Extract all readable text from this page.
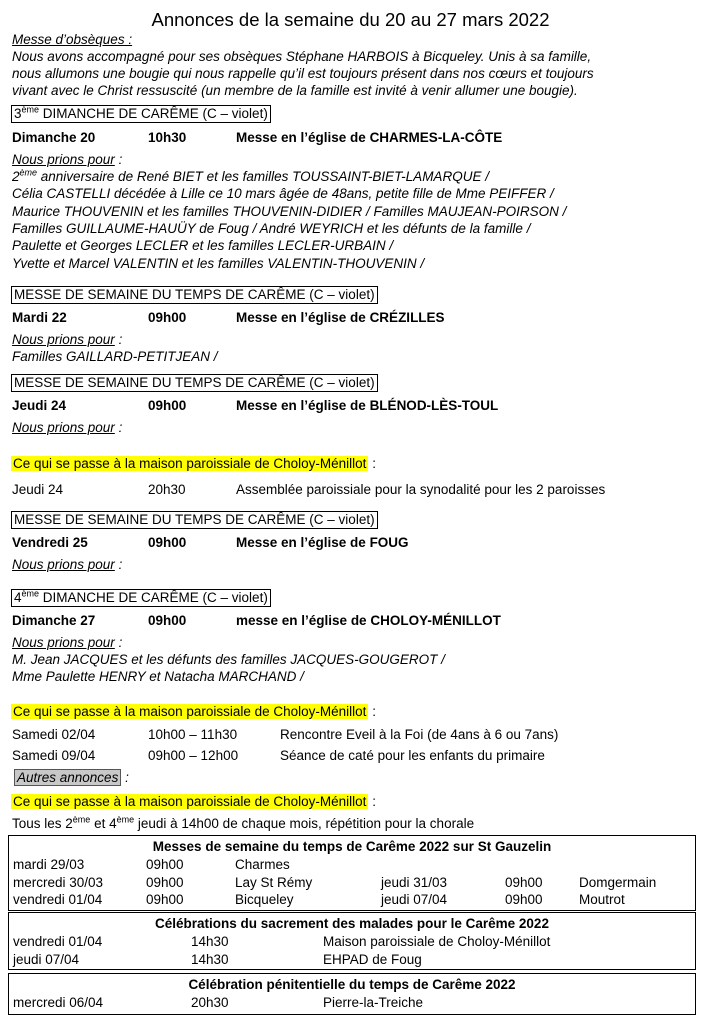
Annonces de la semaine du 20 au 27 mars 2022
Messe d’obsèques :
Nous avons accompagné pour ses obsèques Stéphane HARBOIS à Bicqueley. Unis à sa famille,
nous allumons une bougie qui nous rappelle qu’il est toujours présent dans nos cœurs et toujours
vivant avec le Christ ressuscité (un membre de la famille est invité à venir allumer une bougie).
3ème DIMANCHE DE CARÊME (C – violet)
Dimanche 20	10h30	Messe en l’église de CHARMES-LA-CÔTE
Nous prions pour :
2ème anniversaire de René BIET et les familles TOUSSAINT-BIET-LAMARQUE /
Célia CASTELLI décédée à Lille ce 10 mars âgée de 48ans, petite fille de Mme PEIFFER /
Maurice THOUVENIN et les familles THOUVENIN-DIDIER / Familles MAUJEAN-POIRSON /
Familles GUILLAUME-HAUÜY de Foug / André WEYRICH et les défunts de la famille /
Paulette et Georges LECLER et les familles LECLER-URBAIN /
Yvette et Marcel VALENTIN et les familles VALENTIN-THOUVENIN /
MESSE DE SEMAINE DU TEMPS DE CARÊME (C – violet)
Mardi 22	09h00	Messe en l’église de CRÉZILLES
Nous prions pour :
Familles GAILLARD-PETITJEAN /
MESSE DE SEMAINE DU TEMPS DE CARÊME (C – violet)
Jeudi 24	09h00	Messe en l’église de BLÉNOD-LÈS-TOUL
Nous prions pour :
Ce qui se passe à la maison paroissiale de Choloy-Ménillot :
Jeudi 24	20h30	Assemblée paroissiale pour la synodalité pour les 2 paroisses
MESSE DE SEMAINE DU TEMPS DE CARÊME (C – violet)
Vendredi 25	09h00	Messe en l’église de FOUG
Nous prions pour :
4ème DIMANCHE DE CARÊME (C – violet)
Dimanche 27	09h00	messe en l’église de CHOLOY-MÉNILLOT
Nous prions pour :
M. Jean JACQUES et les défunts des familles JACQUES-GOUGEROT /
Mme Paulette HENRY et Natacha MARCHAND /
Ce qui se passe à la maison paroissiale de Choloy-Ménillot :
Samedi 02/04	10h00 – 11h30	Rencontre Eveil à la Foi (de 4ans à 6 ou 7ans)
Samedi 09/04	09h00 – 12h00	Séance de caté pour les enfants du primaire
Autres annonces :
Ce qui se passe à la maison paroissiale de Choloy-Ménillot :
Tous les 2ème et 4ème jeudi à 14h00 de chaque mois, répétition pour la chorale
Messes de semaine du temps de Carême 2022 sur St Gauzelin
mardi 29/03	09h00	Charmes
mercredi 30/03	09h00	Lay St Rémy	jeudi 31/03	09h00	Domgermain
vendredi 01/04	09h00	Bicqueley	jeudi 07/04	09h00	Moutrot
Célébrations du sacrement des malades pour le Carême 2022
vendredi 01/04	14h30	Maison paroissiale de Choloy-Ménillot
jeudi 07/04	14h30	EHPAD de Foug
Célébration pénitentielle du temps de Carême 2022
mercredi 06/04	20h30	Pierre-la-Treiche
